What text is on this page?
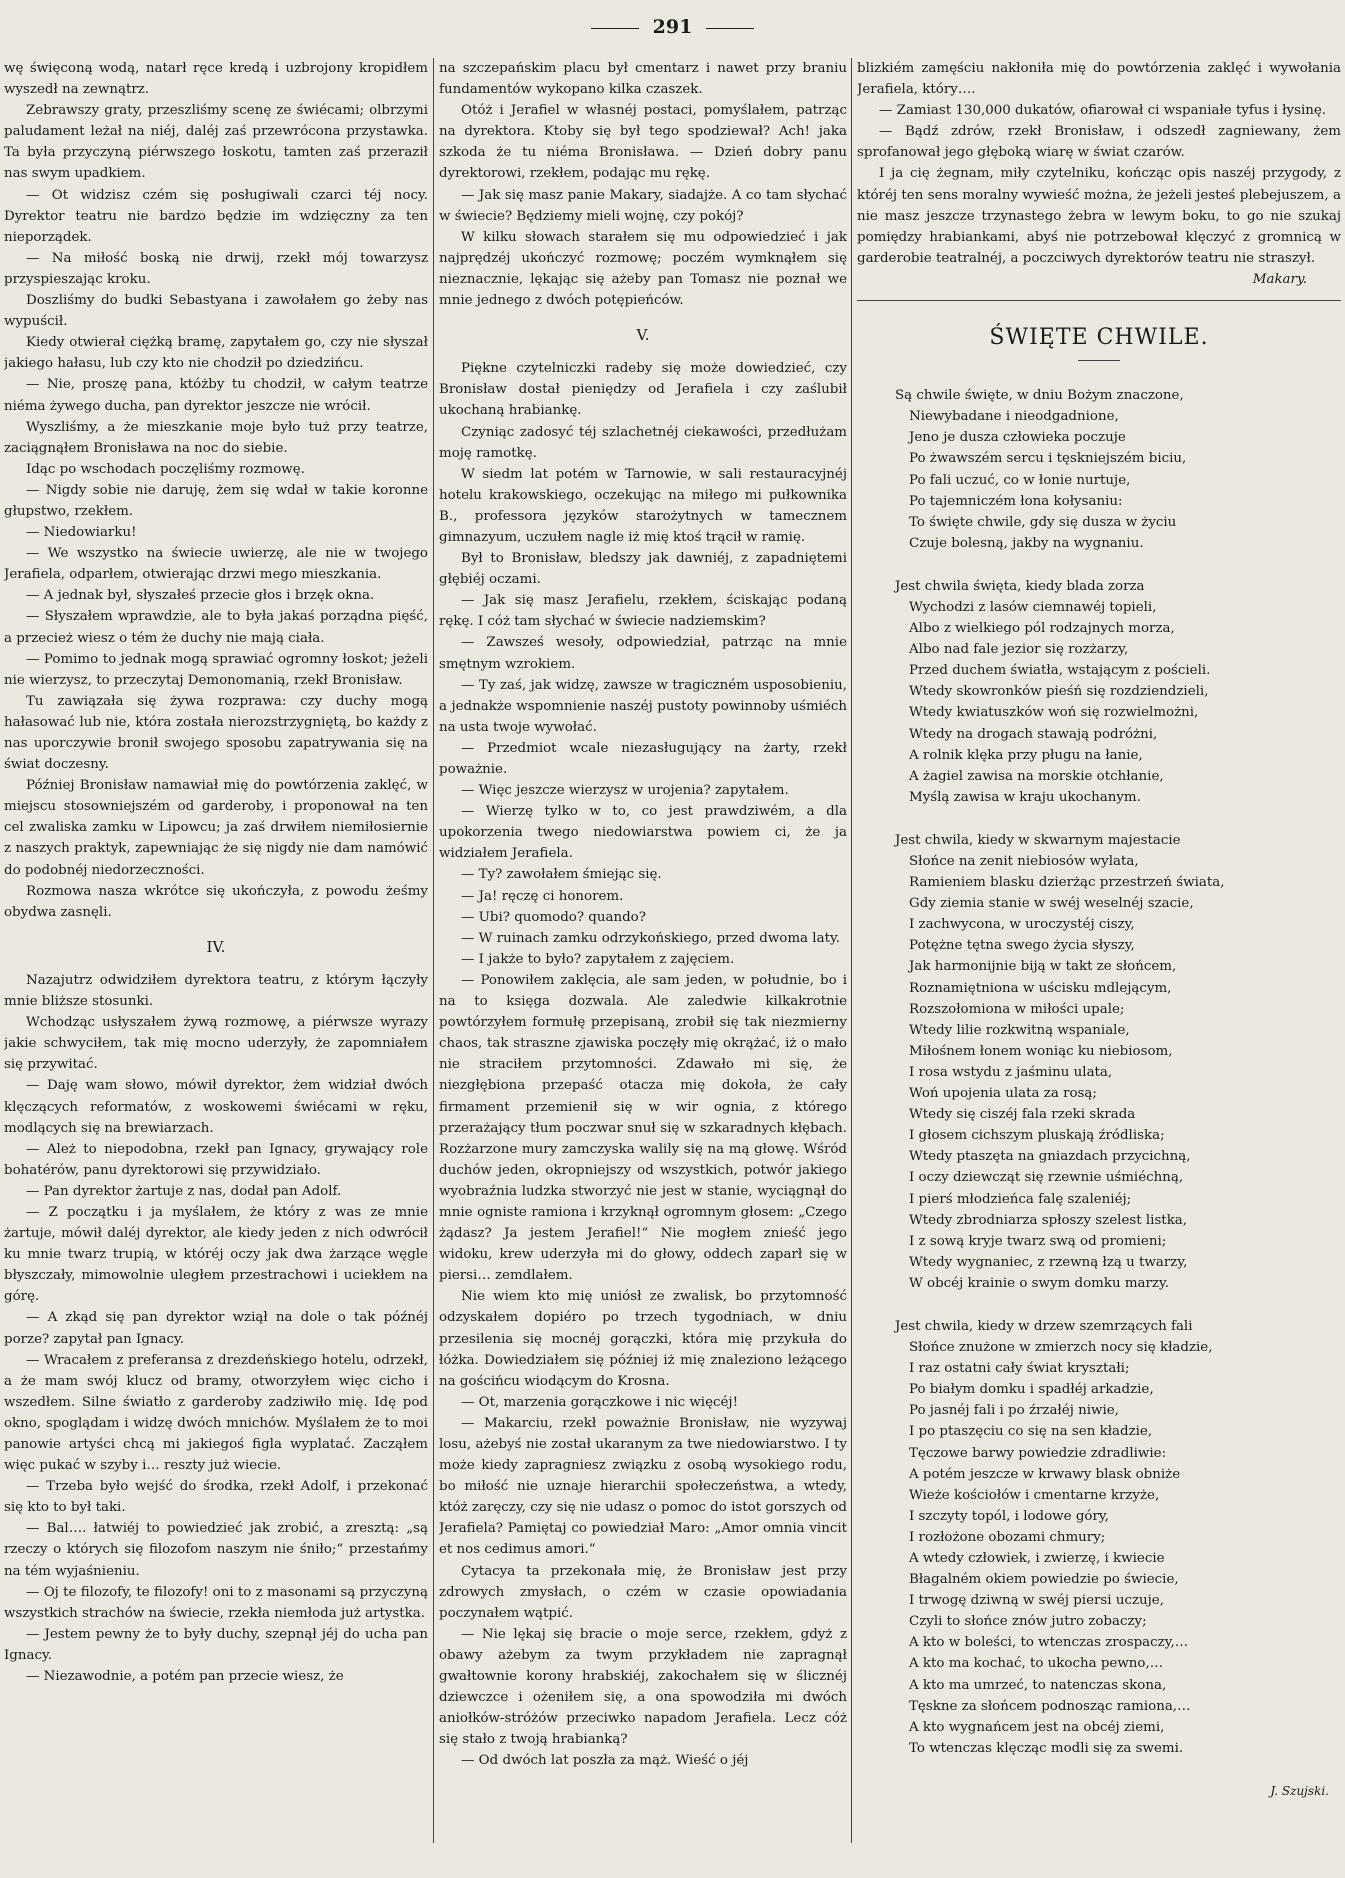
291

wę święconą wodą, natarł ręce kredą i uzbrojony kropidłem wyszedł na zewnątrz.

Zebrawszy graty, przeszliśmy scenę ze świécami; olbrzymi paludament leżał na niéj, daléj zaś przewrócona przystawka. Ta była przyczyną piérwszego łoskotu, tamten zaś przeraził nas swym upadkiem.

— Ot widzisz czém się posługiwali czarci téj nocy. Dyrektor teatru nie bardzo będzie im wdzięczny za ten nieporządek.

— Na miłość boską nie drwij, rzekł mój towarzysz przyspieszając kroku.

Doszliśmy do budki Sebastyana i zawołałem go żeby nas wypuścił.

Kiedy otwierał ciężką bramę, zapytałem go, czy nie słyszał jakiego hałasu, lub czy kto nie chodził po dziedzińcu.

— Nie, proszę pana, któżby tu chodził, w całym teatrze niéma żywego ducha, pan dyrektor jeszcze nie wrócił.

Wyszliśmy, a że mieszkanie moje było tuż przy teatrze, zaciągnąłem Bronisława na noc do siebie.

Idąc po wschodach poczęliśmy rozmowę.

— Nigdy sobie nie daruję, żem się wdał w takie koronne głupstwo, rzekłem.

— Niedowiarku!

— We wszystko na świecie uwierzę, ale nie w twojego Jerafiela, odparłem, otwierając drzwi mego mieszkania.

— A jednak był, słyszałeś przecie głos i brzęk okna.

— Słyszałem wprawdzie, ale to była jakaś porządna pięść, a przecież wiesz o tém że duchy nie mają ciała.

— Pomimo to jednak mogą sprawiać ogromny łoskot; jeżeli nie wierzysz, to przeczytaj Demonomanią, rzekł Bronisław.

Tu zawiązała się żywa rozprawa: czy duchy mogą hałasować lub nie, która została nierozstrzygniętą, bo każdy z nas uporczywie bronił swojego sposobu zapatrywania się na świat doczesny.

Później Bronisław namawiał mię do powtórzenia zaklęć, w miejscu stosowniejszém od garderoby, i proponował na ten cel zwaliska zamku w Lipowcu; ja zaś drwiłem niemiłosiernie z naszych praktyk, zapewniając że się nigdy nie dam namówić do podobnéj niedorzeczności.

Rozmowa nasza wkrótce się ukończyła, z powodu żeśmy obydwa zasnęli.

IV.

Nazajutrz odwidziłem dyrektora teatru, z którym łączyły mnie bliższe stosunki.

Wchodząc usłyszałem żywą rozmowę, a piérwsze wyrazy jakie schwyciłem, tak mię mocno uderzyły, że zapomniałem się przywitać.

— Daję wam słowo, mówił dyrektor, żem widział dwóch klęczących reformatów, z woskowemi świécami w ręku, modlących się na brewiarzach.

— Ależ to niepodobna, rzekł pan Ignacy, grywający role bohatérów, panu dyrektorowi się przywidziało.

— Pan dyrektor żartuje z nas, dodał pan Adolf.

— Z początku i ja myślałem, że który z was ze mnie żartuje, mówił daléj dyrektor, ale kiedy jeden z nich odwrócił ku mnie twarz trupią, w któréj oczy jak dwa żarzące węgle błyszczały, mimowolnie uległem przestrachowi i uciekłem na górę.

— A zkąd się pan dyrektor wziął na dole o tak późnéj porze? zapytał pan Ignacy.

— Wracałem z preferansa z drezdeńskiego hotelu, odrzekł, a że mam swój klucz od bramy, otworzyłem więc cicho i wszedłem. Silne światło z garderoby zadziwiło mię. Idę pod okno, spoglądam i widzę dwóch mnichów. Myślałem że to moi panowie artyści chcą mi jakiegoś figla wyplatać. Zacząłem więc pukać w szyby i… reszty już wiecie.

— Trzeba było wejść do środka, rzekł Adolf, i przekonać się kto to był taki.

— Bal…. łatwiéj to powiedzieć jak zrobić, a zresztą: „są rzeczy o których się filozofom naszym nie śniło;“ przestańmy na tém wyjaśnieniu.

— Oj te filozofy, te filozofy! oni to z masonami są przyczyną wszystkich strachów na świecie, rzekła niemłoda już artystka.

— Jestem pewny że to były duchy, szepnął jéj do ucha pan Ignacy.

— Niezawodnie, a potém pan przecie wiesz, że

na szczepańskim placu był cmentarz i nawet przy braniu fundamentów wykopano kilka czaszek.

Otóż i Jerafiel w własnéj postaci, pomyślałem, patrząc na dyrektora. Ktoby się był tego spodziewał? Ach! jaka szkoda że tu niéma Bronisława. — Dzień dobry panu dyrektorowi, rzekłem, podając mu rękę.

— Jak się masz panie Makary, siadajże. A co tam słychać w świecie? Będziemy mieli wojnę, czy pokój?

W kilku słowach starałem się mu odpowiedzieć i jak najprędzéj ukończyć rozmowę; poczém wymknąłem się nieznacznie, lękając się ażeby pan Tomasz nie poznał we mnie jednego z dwóch potępieńców.

V.

Piękne czytelniczki radeby się może dowiedzieć, czy Bronisław dostał pieniędzy od Jerafiela i czy zaślubił ukochaną hrabiankę.

Czyniąc zadosyć téj szlachetnéj ciekawości, przedłużam moję ramotkę.

W siedm lat potém w Tarnowie, w sali restauracyjnéj hotelu krakowskiego, oczekując na miłego mi pułkownika B., professora języków starożytnych w tamecznem gimnazyum, uczułem nagle iż mię ktoś trącił w ramię.

Był to Bronisław, bledszy jak dawniéj, z zapadniętemi głębiéj oczami.

— Jak się masz Jerafielu, rzekłem, ściskając podaną rękę. I cóż tam słychać w świecie nadziemskim?

— Zawsześ wesoły, odpowiedział, patrząc na mnie smętnym wzrokiem.

— Ty zaś, jak widzę, zawsze w tragiczném usposobieniu, a jednakże wspomnienie naszéj pustoty powinnoby uśmiéch na usta twoje wywołać.

— Przedmiot wcale niezasługujący na żarty, rzekł poważnie.

— Więc jeszcze wierzysz w urojenia? zapytałem.

— Wierzę tylko w to, co jest prawdziwém, a dla upokorzenia twego niedowiarstwa powiem ci, że ja widziałem Jerafiela.

— Ty? zawołałem śmiejąc się.

— Ja! ręczę ci honorem.

— Ubi? quomodo? quando?

— W ruinach zamku odrzykońskiego, przed dwoma laty.

— I jakże to było? zapytałem z zajęciem.

— Ponowiłem zaklęcia, ale sam jeden, w południe, bo i na to księga dozwala. Ale zaledwie kilkakrotnie powtórzyłem formułę przepisaną, zrobił się tak niezmierny chaos, tak straszne zjawiska poczęły mię okrążać, iż o mało nie straciłem przytomności. Zdawało mi się, że niezgłębiona przepaść otacza mię dokoła, że cały firmament przemienił się w wir ognia, z którego przerażający tłum poczwar snuł się w szkaradnych kłębach. Rozżarzone mury zamczyska walily się na mą głowę. Wśród duchów jeden, okropniejszy od wszystkich, potwór jakiego wyobraźnia ludzka stworzyć nie jest w stanie, wyciągnął do mnie ogniste ramiona i krzyknął ogromnym głosem: „Czego żądasz? Ja jestem Jerafiel!“ Nie mogłem znieść jego widoku, krew uderzyła mi do głowy, oddech zaparł się w piersi… zemdlałem.

Nie wiem kto mię uniósł ze zwalisk, bo przytomność odzyskałem dopiéro po trzech tygodniach, w dniu przesilenia się mocnéj gorączki, która mię przykuła do łóżka. Dowiedziałem się później iż mię znaleziono leżącego na gościńcu wiodącym do Krosna.

— Ot, marzenia gorączkowe i nic więcéj!

— Makarciu, rzekł poważnie Bronisław, nie wyzywaj losu, ażebyś nie został ukaranym za twe niedowiarstwo. I ty może kiedy zapragniesz związku z osobą wysokiego rodu, bo miłość nie uznaje hierarchii społeczeństwa, a wtedy, któż zaręczy, czy się nie udasz o pomoc do istot gorszych od Jerafiela? Pamiętaj co powiedział Maro: „Amor omnia vincit et nos cedimus amori.“

Cytacya ta przekonała mię, że Bronisław jest przy zdrowych zmysłach, o czém w czasie opowiadania poczynałem wątpić.

— Nie lękaj się bracie o moje serce, rzekłem, gdyż z obawy ażebym za twym przykładem nie zapragnął gwałtownie korony hrabskiéj, zakochałem się w ślicznéj dziewczce i ożeniłem się, a ona spowodziła mi dwóch aniołków-stróżów przeciwko napadom Jerafiela. Lecz cóż się stało z twoją hrabianką?

— Od dwóch lat poszła za mąż. Wieść o jéj

blizkiém zamęściu nakłoniła mię do powtórzenia zaklęć i wywołania Jerafiela, który….

— Zamiast 130,000 dukatów, ofiarował ci wspaniałe tyfus i łysinę.

— Bądź zdrów, rzekł Bronisław, i odszedł zagniewany, żem sprofanował jego głęboką wiarę w świat czarów.

I ja cię żegnam, miły czytelniku, kończąc opis naszéj przygody, z któréj ten sens moralny wywieść można, że jeżeli jesteś plebejuszem, a nie masz jeszcze trzynastego żebra w lewym boku, to go nie szukaj pomiędzy hrabiankami, abyś nie potrzebował klęczyć z gromnicą w garderobie teatralnéj, a poczciwych dyrektorów teatru nie straszył.

Makary.
ŚWIĘTE CHWILE.
Są chwile święte, w dniu Bożym znaczone,
Niewybadane i nieodgadnione,
Jeno je dusza człowieka poczuje
Po żwawszém sercu i tęskniejszém biciu,
Po fali uczuć, co w łonie nurtuje,
Po tajemniczém łona kołysaniu:
To święte chwile, gdy się dusza w życiu
Czuje bolesną, jakby na wygnaniu.
Jest chwila święta, kiedy blada zorza
Wychodzi z lasów ciemnawéj topieli,
Albo z wielkiego pól rodzajnych morza,
Albo nad fale jezior się rozżarzy,
Przed duchem światła, wstającym z pościeli.
Wtedy skowronków pieśń się rozdziendzieli,
Wtedy kwiatuszków woń się rozwielmożni,
Wtedy na drogach stawają podróżni,
A rolnik klęka przy pługu na łanie,
A żagiel zawisa na morskie otchłanie,
Myślą zawisa w kraju ukochanym.
Jest chwila, kiedy w skwarnym majestacie
Słońce na zenit niebiosów wylata,
Ramieniem blasku dzierżąc przestrzeń świata,
Gdy ziemia stanie w swéj weselnéj szacie,
I zachwycona, w uroczystéj ciszy,
Potężne tętna swego życia słyszy,
Jak harmonijnie biją w takt ze słońcem,
Roznamiętniona w uścisku mdlejącym,
Rozszołomiona w miłości upale;
Wtedy lilie rozkwitną wspaniale,
Miłośnem łonem woniąc ku niebiosom,
I rosa wstydu z jaśminu ulata,
Woń upojenia ulata za rosą;
Wtedy się ciszéj fala rzeki skrada
I głosem cichszym pluskają źródliska;
Wtedy ptaszęta na gniazdach przycichną,
I oczy dziewcząt się rzewnie uśmiéchną,
I pierś młodzieńca falę szaleniéj;
Wtedy zbrodniarza spłoszy szelest listka,
I z sową kryje twarz swą od promieni;
Wtedy wygnaniec, z rzewną łzą u twarzy,
W obcéj krainie o swym domku marzy.
Jest chwila, kiedy w drzew szemrzących fali
Słońce znużone w zmierzch nocy się kładzie,
I raz ostatni cały świat kryształi;
Po białym domku i spadłéj arkadzie,
Po jasnéj fali i po źrzałéj niwie,
I po ptaszęciu co się na sen kładzie,
Tęczowe barwy powiedzie zdradliwie:
A potém jeszcze w krwawy blask obniże
Wieże kościołów i cmentarne krzyże,
I szczyty topól, i lodowe góry,
I rozłożone obozami chmury;
A wtedy człowiek, i zwierzę, i kwiecie
Błagalném okiem powiedzie po świecie,
I trwogę dziwną w swéj piersi uczuje,
Czyli to słońce znów jutro zobaczy;
A kto w boleści, to wtenczas zrospaczy,…
A kto ma kochać, to ukocha pewno,…
A kto ma umrzeć, to natenczas skona,
Tęskne za słońcem podnosząc ramiona,…
A kto wygnańcem jest na obcéj ziemi,
To wtenczas klęcząc modli się za swemi.
J. Szujski.
